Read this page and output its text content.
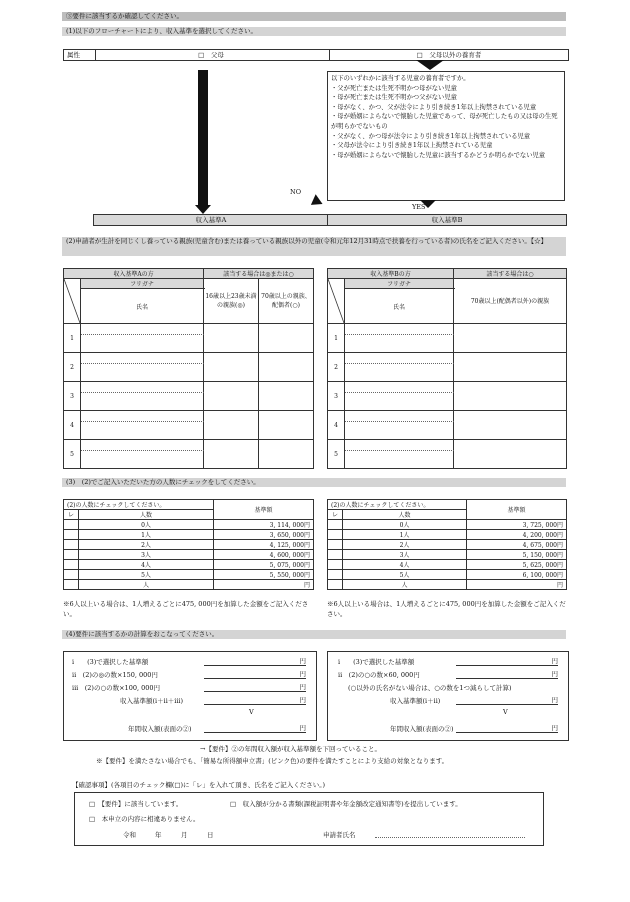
③要件に該当するか確認してください。
(1)以下のフローチャートにより、収入基準を選択してください。
属性	□　父母	□　父母以外の養育者
以下のいずれかに該当する児童の養育者ですか。
・父が死亡または生死不明かつ母がない児童
・母が死亡または生死不明かつ父がない児童
・母がなく、かつ、父が法令により引き続き1年以上拘禁されている児童
・母が婚姻によらないで懐胎した児童であって、母が死亡したもの又は母の生死が明らかでないもの
・父がなく、かつ母が法令により引き続き1年以上拘禁されている児童
・父母が法令により引き続き1年以上拘禁されている児童
・母が婚姻によらないで懐胎した児童に該当するかどうか明らかでない児童
NO
YES
収入基準A	収入基準B
(2)申請者が生計を同じくし養っている親族(児童含む)または養っている親族以外の児童(令和元年12月31時点で扶養を行っている者)の氏名をご記入ください。【☆】
収入基準Aの方		該当する場合は◎または○	

	フリガナ	16歳以上23歳未満の親族(◎)	70歳以上の親族、配偶者(○)
	氏名		
1			

2			

3			

4			

5			

収入基準Bの方		該当する場合は○

	フリガナ	70歳以上(配偶者以外)の親族
	氏名	
1		

2		

3		

4		

5		

(3)　(2)でご記入いただいた方の人数にチェックをしてください。
(2)の人数にチェックしてください。		基準額
レ	人数	
	0人	3, 114, 000円
	1人	3, 650, 000円
	2人	4, 125, 000円
	3人	4, 600, 000円
	4人	5, 075, 000円
	5人	5, 550, 000円
	人	円
※6人以上いる場合は、1人増えるごとに475, 000円を加算した金額をご記入ください。
(2)の人数にチェックしてください。		基準額
レ	人数	
	0人	3, 725, 000円
	1人	4, 200, 000円
	2人	4, 675, 000円
	3人	5, 150, 000円
	4人	5, 625, 000円
	5人	6, 100, 000円
	人	円
※6人以上いる場合は、1人増えるごとに475, 000円を加算した金額をご記入ください。
(4)要件に該当するかの計算をおこなってください。
i　　(3)で選択した基準額	円
ii　(2)の◎の数×150, 000円	円
iii　(2)の○の数×100, 000円	円
収入基準額(i＋ii＋iii)	円
V
年間収入額(表面の②)	円
i　　(3)で選択した基準額	円
ii　(2)の○の数×60, 000円	円
(○以外の氏名がない場合は、○の数を1つ減らして計算)
収入基準額(i＋ii)	円
V
年間収入額(表面の②)	円
→【要件】②の年間収入額が収入基準額を下回っていること。
※【要件】を満たさない場合でも、「簡易な所得額申立書」(ピンク色)の要件を満たすことにより支給の対象となります。
【確認事項】(各項目のチェック欄(□)に「レ」を入れて頂き、氏名をご記入ください。)
□　【要件】に該当しています。	□　収入額が分かる書類(課税証明書や年金額改定通知書等)を提出しています。
□　本申立の内容に相違ありません。
令和	年	月	日	申請者氏名
